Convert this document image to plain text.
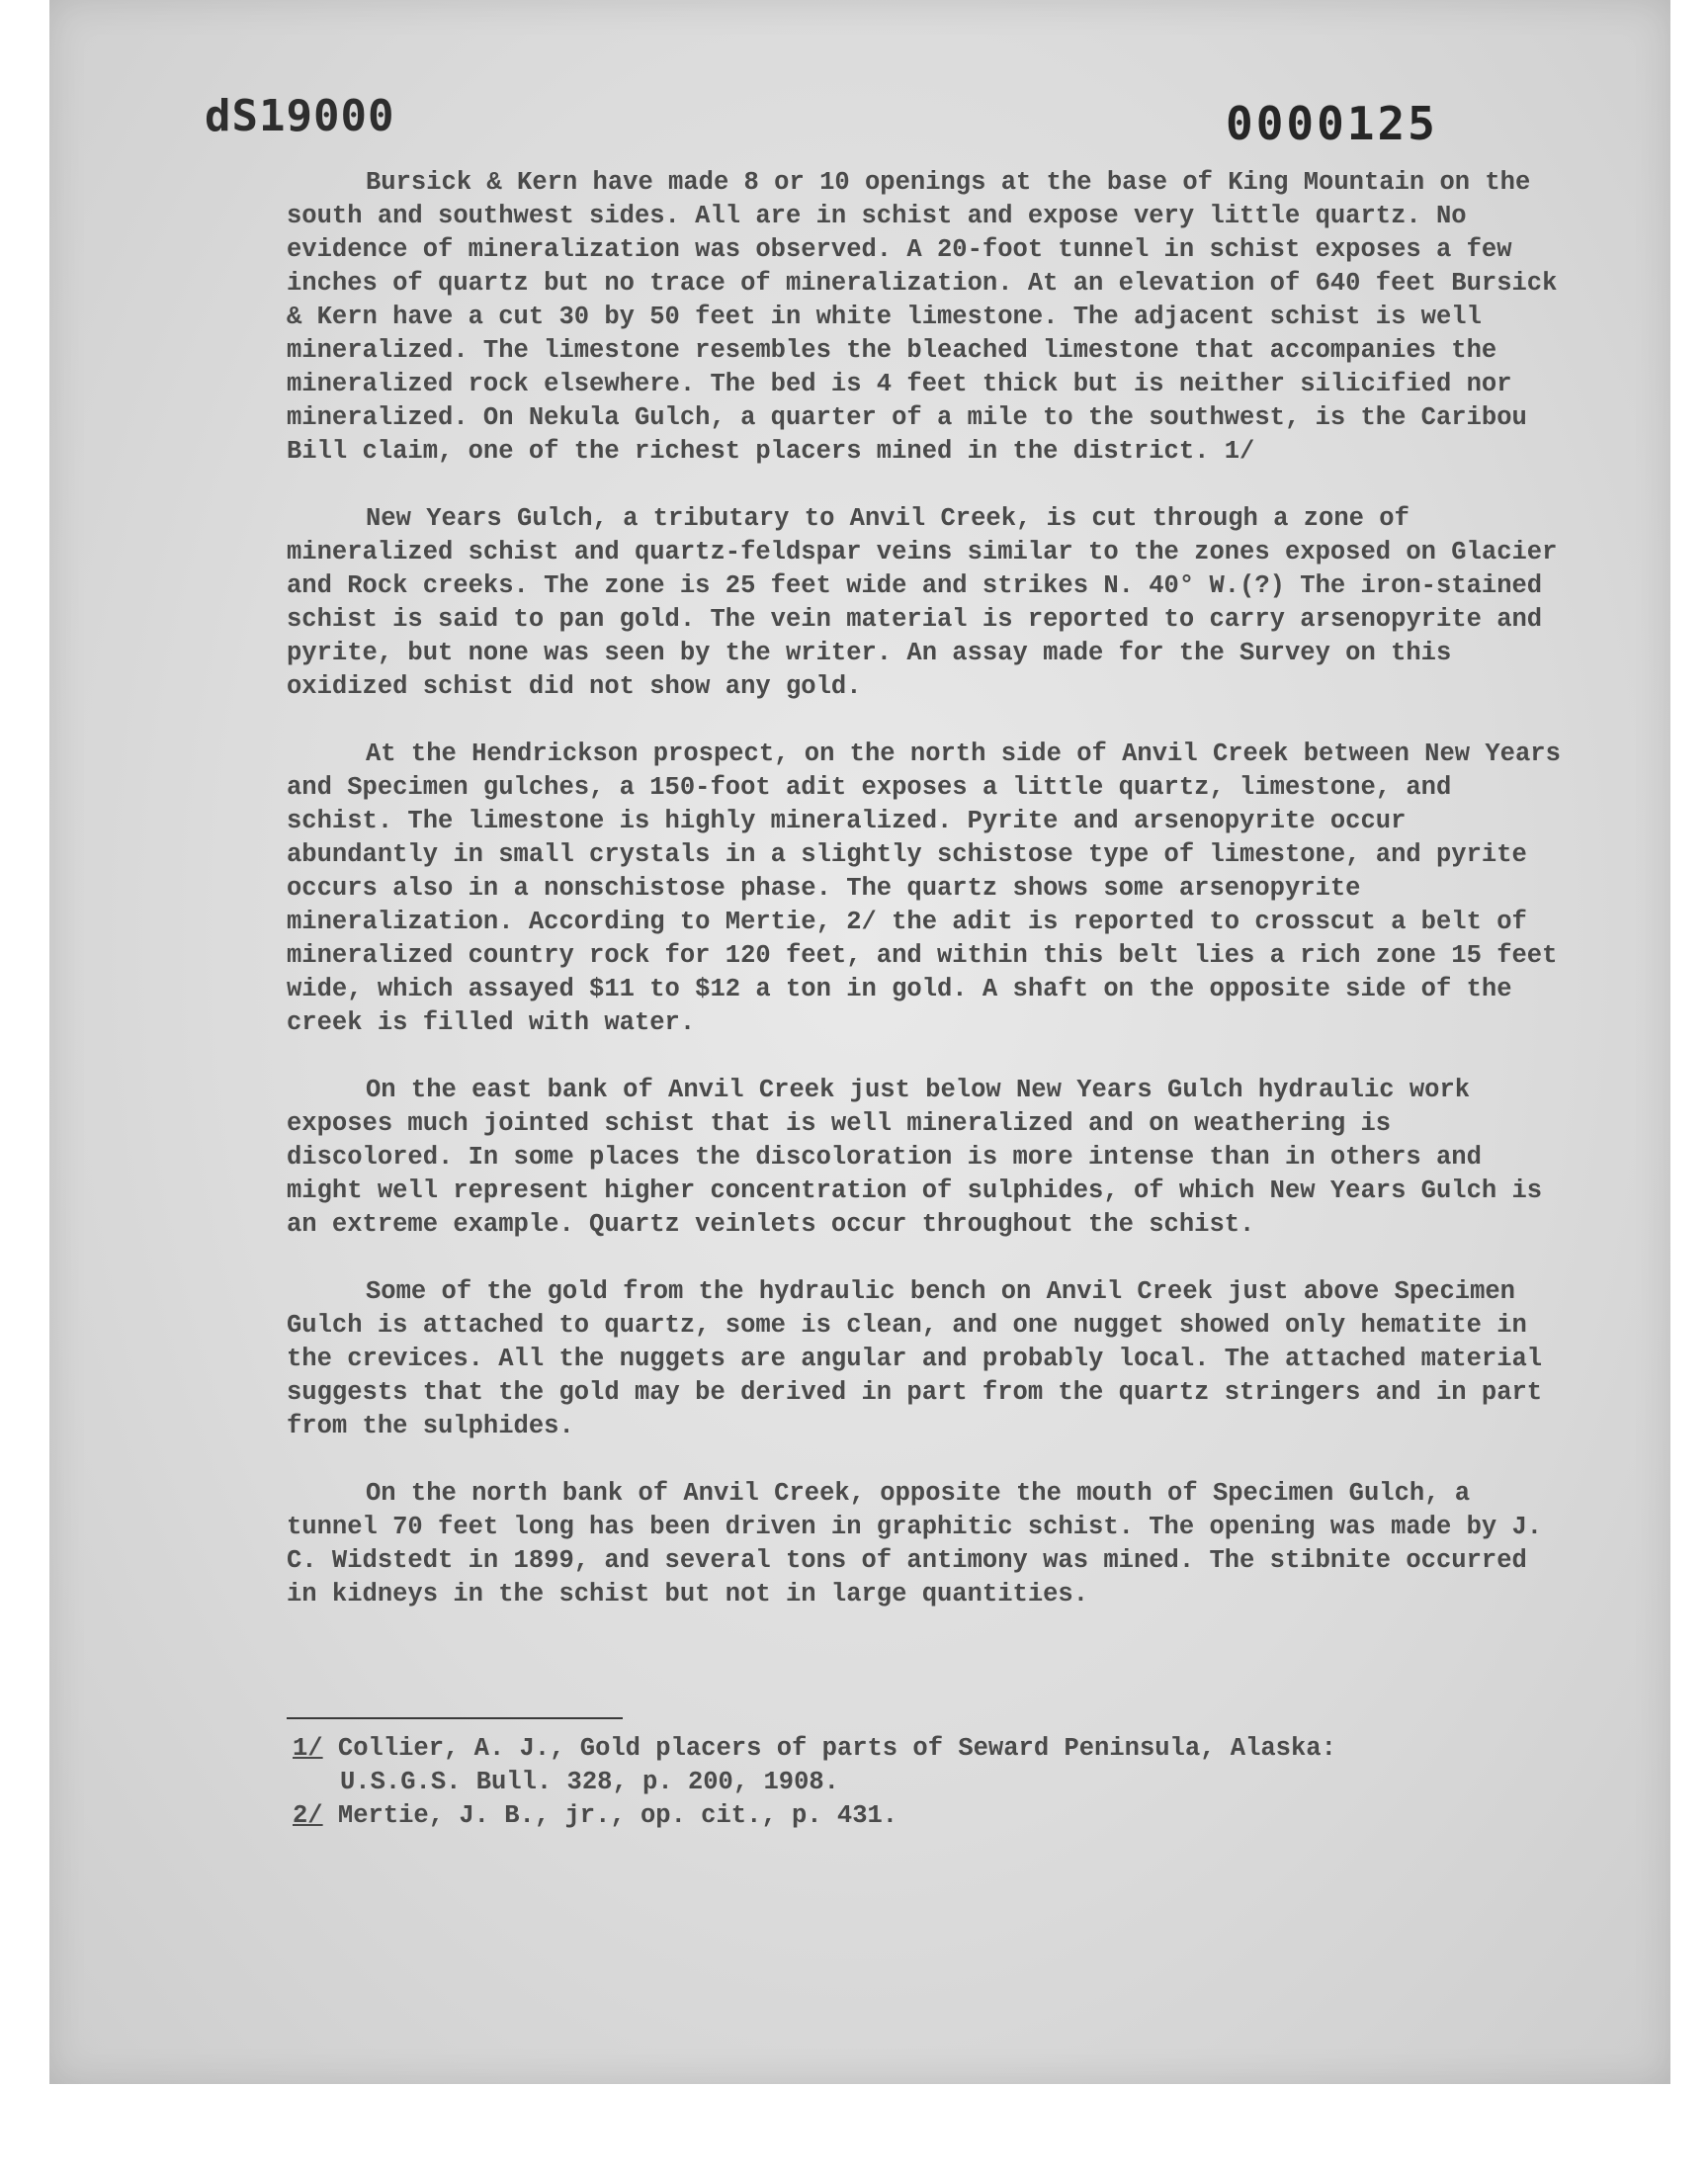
dS19000	0000125

Bursick & Kern have made 8 or 10 openings at the base of King Mountain on the south and southwest sides. All are in schist and expose very little quartz. No evidence of mineralization was observed. A 20-foot tunnel in schist exposes a few inches of quartz but no trace of mineralization. At an elevation of 640 feet Bursick & Kern have a cut 30 by 50 feet in white limestone. The adjacent schist is well mineralized. The limestone resembles the bleached limestone that accompanies the mineralized rock elsewhere. The bed is 4 feet thick but is neither silicified nor mineralized. On Nekula Gulch, a quarter of a mile to the southwest, is the Caribou Bill claim, one of the richest placers mined in the district. 1/

New Years Gulch, a tributary to Anvil Creek, is cut through a zone of mineralized schist and quartz-feldspar veins similar to the zones exposed on Glacier and Rock creeks. The zone is 25 feet wide and strikes N. 40° W.(?) The iron-stained schist is said to pan gold. The vein material is reported to carry arsenopyrite and pyrite, but none was seen by the writer. An assay made for the Survey on this oxidized schist did not show any gold.

At the Hendrickson prospect, on the north side of Anvil Creek between New Years and Specimen gulches, a 150-foot adit exposes a little quartz, limestone, and schist. The limestone is highly mineralized. Pyrite and arsenopyrite occur abundantly in small crystals in a slightly schistose type of limestone, and pyrite occurs also in a nonschistose phase. The quartz shows some arsenopyrite mineralization. According to Mertie, 2/ the adit is reported to crosscut a belt of mineralized country rock for 120 feet, and within this belt lies a rich zone 15 feet wide, which assayed $11 to $12 a ton in gold. A shaft on the opposite side of the creek is filled with water.

On the east bank of Anvil Creek just below New Years Gulch hydraulic work exposes much jointed schist that is well mineralized and on weathering is discolored. In some places the discoloration is more intense than in others and might well represent higher concentration of sulphides, of which New Years Gulch is an extreme example. Quartz veinlets occur throughout the schist.

Some of the gold from the hydraulic bench on Anvil Creek just above Specimen Gulch is attached to quartz, some is clean, and one nugget showed only hematite in the crevices. All the nuggets are angular and probably local. The attached material suggests that the gold may be derived in part from the quartz stringers and in part from the sulphides.

On the north bank of Anvil Creek, opposite the mouth of Specimen Gulch, a tunnel 70 feet long has been driven in graphitic schist. The opening was made by J. C. Widstedt in 1899, and several tons of antimony was mined. The stibnite occurred in kidneys in the schist but not in large quantities.

1/ Collier, A. J., Gold placers of parts of Seward Peninsula, Alaska:

U.S.G.S. Bull. 328, p. 200, 1908.

2/ Mertie, J. B., jr., op. cit., p. 431.
